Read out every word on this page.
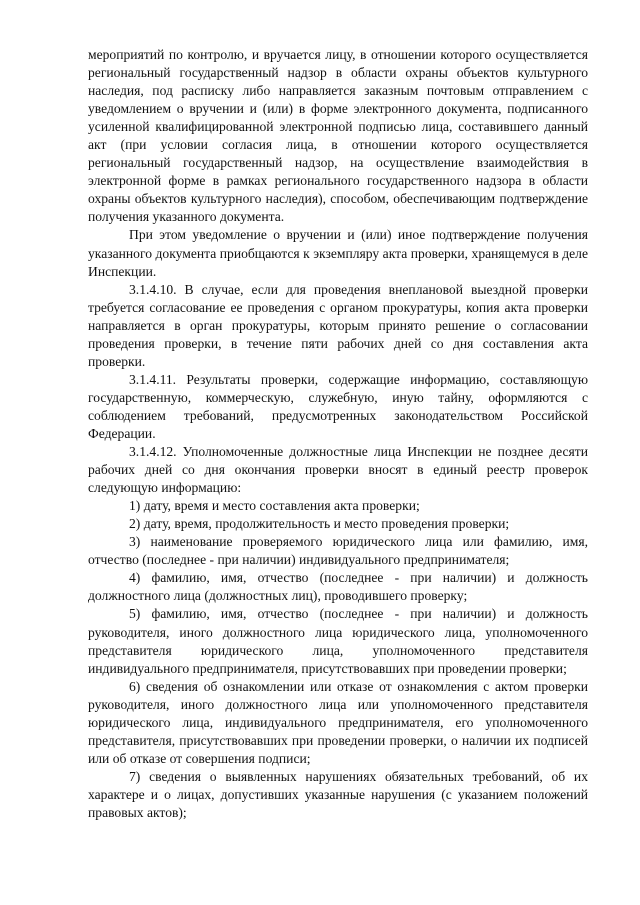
мероприятий по контролю, и вручается лицу, в отношении которого осуществляется региональный государственный надзор в области охраны объектов культурного наследия, под расписку либо направляется заказным почтовым отправлением с уведомлением о вручении и (или) в форме электронного документа, подписанного усиленной квалифицированной электронной подписью лица, составившего данный акт (при условии согласия лица, в отношении которого осуществляется региональный государственный надзор, на осуществление взаимодействия в электронной форме в рамках регионального государственного надзора в области охраны объектов культурного наследия), способом, обеспечивающим подтверждение получения указанного документа.

При этом уведомление о вручении и (или) иное подтверждение получения указанного документа приобщаются к экземпляру акта проверки, хранящемуся в деле Инспекции.

3.1.4.10. В случае, если для проведения внеплановой выездной проверки требуется согласование ее проведения с органом прокуратуры, копия акта проверки направляется в орган прокуратуры, которым принято решение о согласовании проведения проверки, в течение пяти рабочих дней со дня составления акта проверки.

3.1.4.11. Результаты проверки, содержащие информацию, составляющую государственную, коммерческую, служебную, иную тайну, оформляются с соблюдением требований, предусмотренных законодательством Российской Федерации.

3.1.4.12. Уполномоченные должностные лица Инспекции не позднее десяти рабочих дней со дня окончания проверки вносят в единый реестр проверок следующую информацию:

1) дату, время и место составления акта проверки;

2) дату, время, продолжительность и место проведения проверки;

3) наименование проверяемого юридического лица или фамилию, имя, отчество (последнее - при наличии) индивидуального предпринимателя;

4) фамилию, имя, отчество (последнее - при наличии) и должность должностного лица (должностных лиц), проводившего проверку;

5) фамилию, имя, отчество (последнее - при наличии) и должность руководителя, иного должностного лица юридического лица, уполномоченного представителя юридического лица, уполномоченного представителя индивидуального предпринимателя, присутствовавших при проведении проверки;

6) сведения об ознакомлении или отказе от ознакомления с актом проверки руководителя, иного должностного лица или уполномоченного представителя юридического лица, индивидуального предпринимателя, его уполномоченного представителя, присутствовавших при проведении проверки, о наличии их подписей или об отказе от совершения подписи;

7) сведения о выявленных нарушениях обязательных требований, об их характере и о лицах, допустивших указанные нарушения (с указанием положений правовых актов);
